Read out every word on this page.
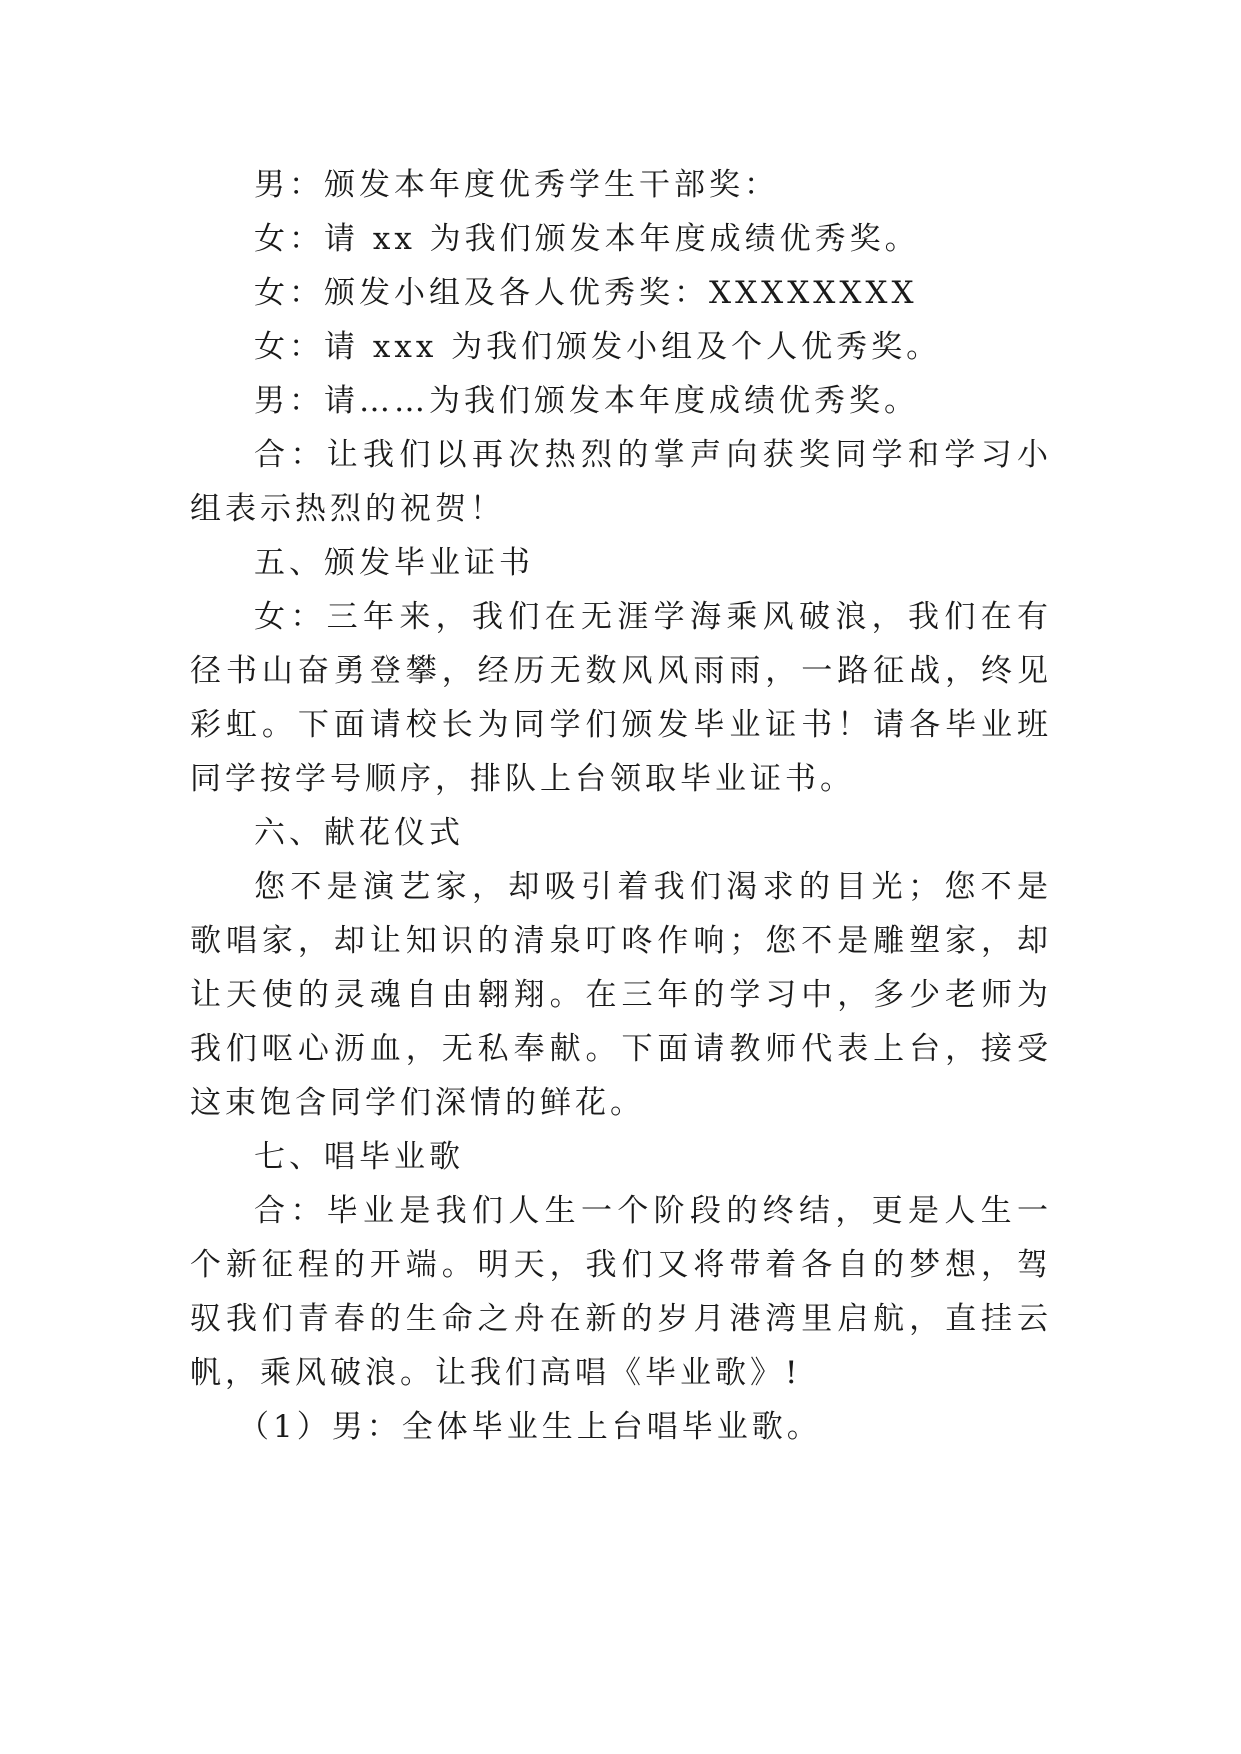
男：颁发本年度优秀学生干部奖：

女：请 xx 为我们颁发本年度成绩优秀奖。

女：颁发小组及各人优秀奖：XXXXXXXX

女：请 xxx 为我们颁发小组及个人优秀奖。

男：请……为我们颁发本年度成绩优秀奖。

合：让我们以再次热烈的掌声向获奖同学和学习小组表示热烈的祝贺！

五、颁发毕业证书

女：三年来，我们在无涯学海乘风破浪，我们在有径书山奋勇登攀，经历无数风风雨雨，一路征战，终见彩虹。下面请校长为同学们颁发毕业证书！请各毕业班同学按学号顺序，排队上台领取毕业证书。

六、献花仪式

您不是演艺家，却吸引着我们渴求的目光；您不是歌唱家，却让知识的清泉叮咚作响；您不是雕塑家，却让天使的灵魂自由翱翔。在三年的学习中，多少老师为我们呕心沥血，无私奉献。下面请教师代表上台，接受这束饱含同学们深情的鲜花。

七、唱毕业歌

合：毕业是我们人生一个阶段的终结，更是人生一个新征程的开端。明天，我们又将带着各自的梦想，驾驭我们青春的生命之舟在新的岁月港湾里启航，直挂云帆，乘风破浪。让我们高唱《毕业歌》!

（1）男：全体毕业生上台唱毕业歌。
